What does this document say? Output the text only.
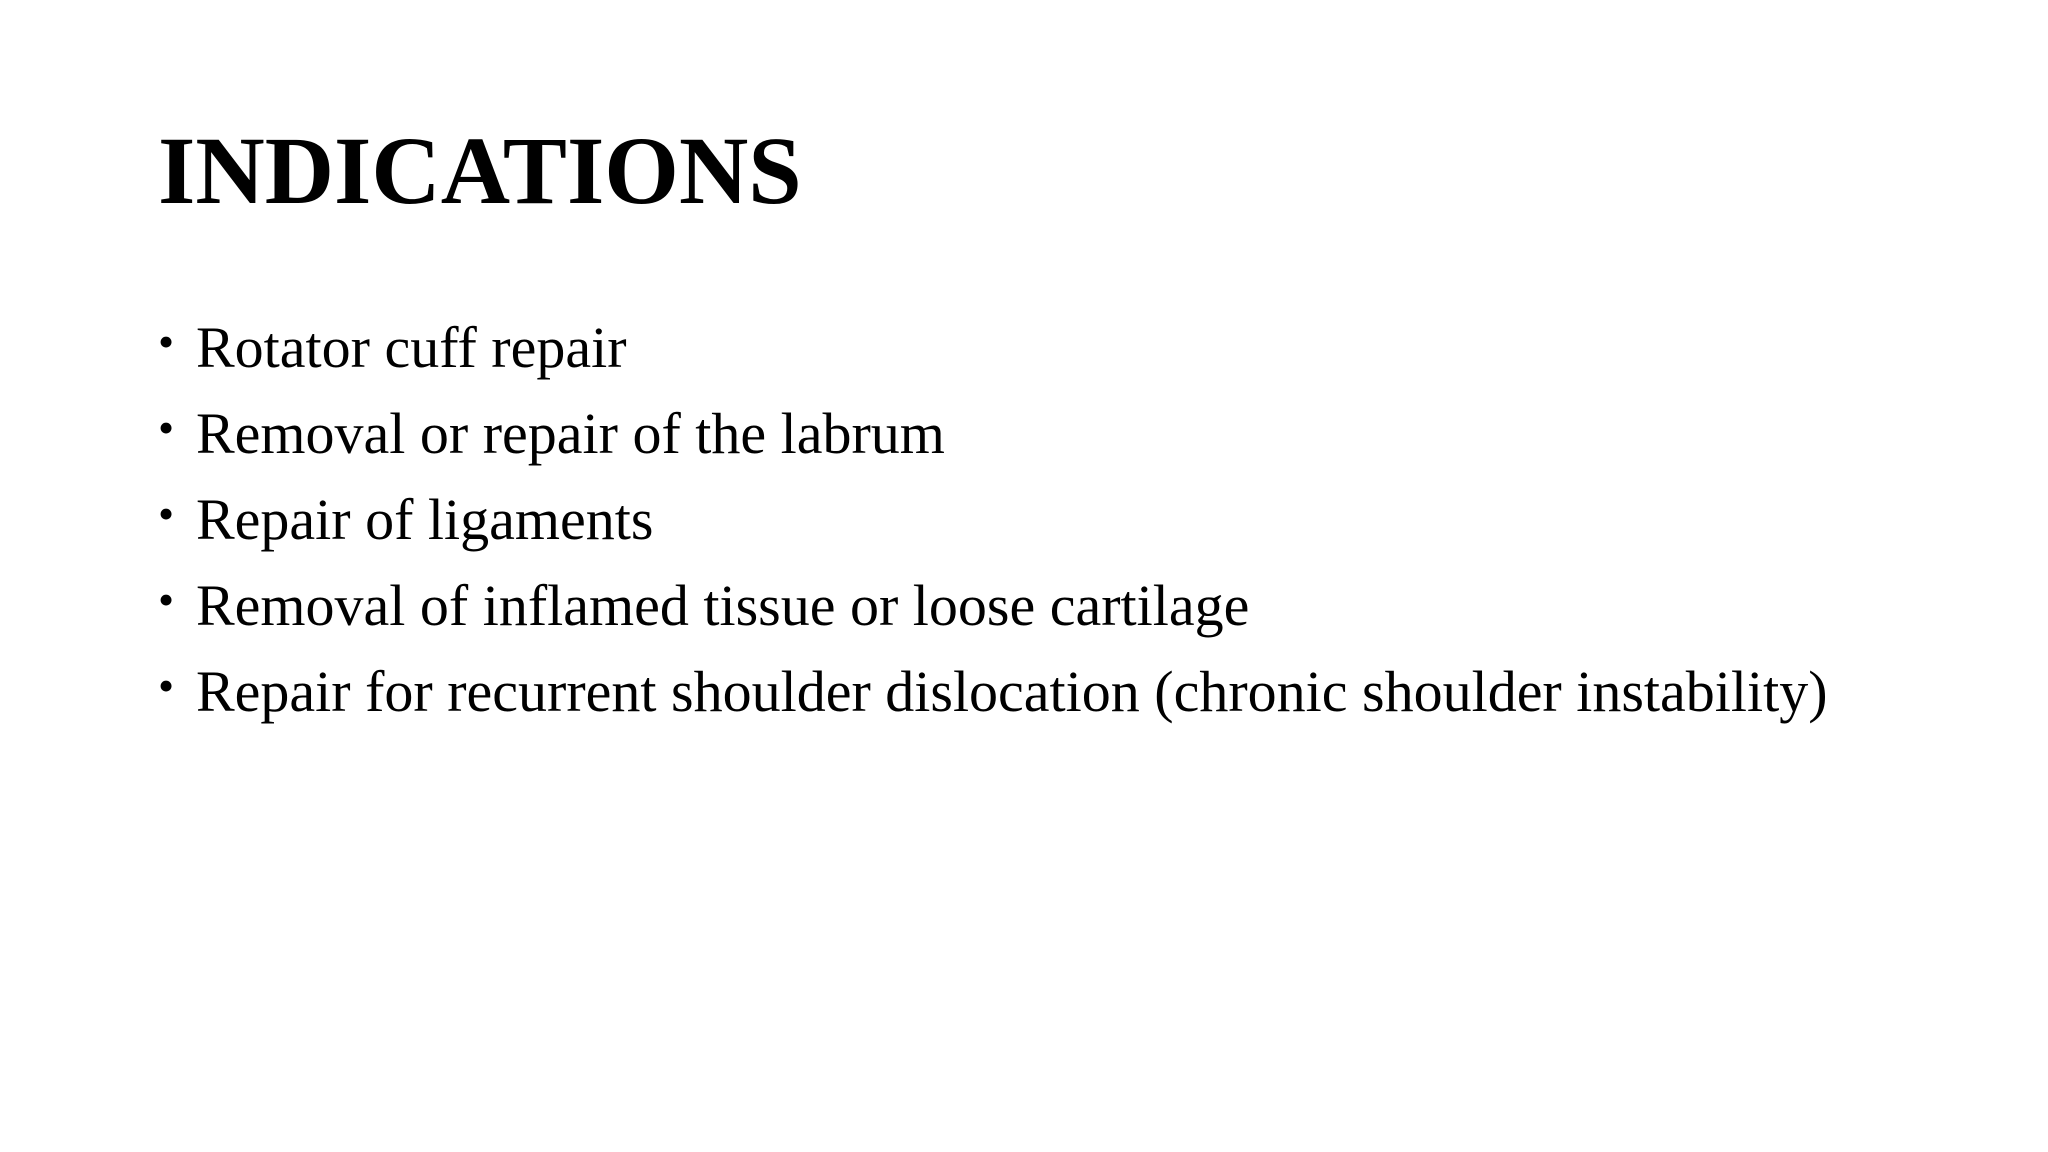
INDICATIONS
• Rotator cuff repair
• Removal or repair of the labrum
• Repair of ligaments
• Removal of inflamed tissue or loose cartilage
• Repair for recurrent shoulder dislocation (chronic shoulder instability)
